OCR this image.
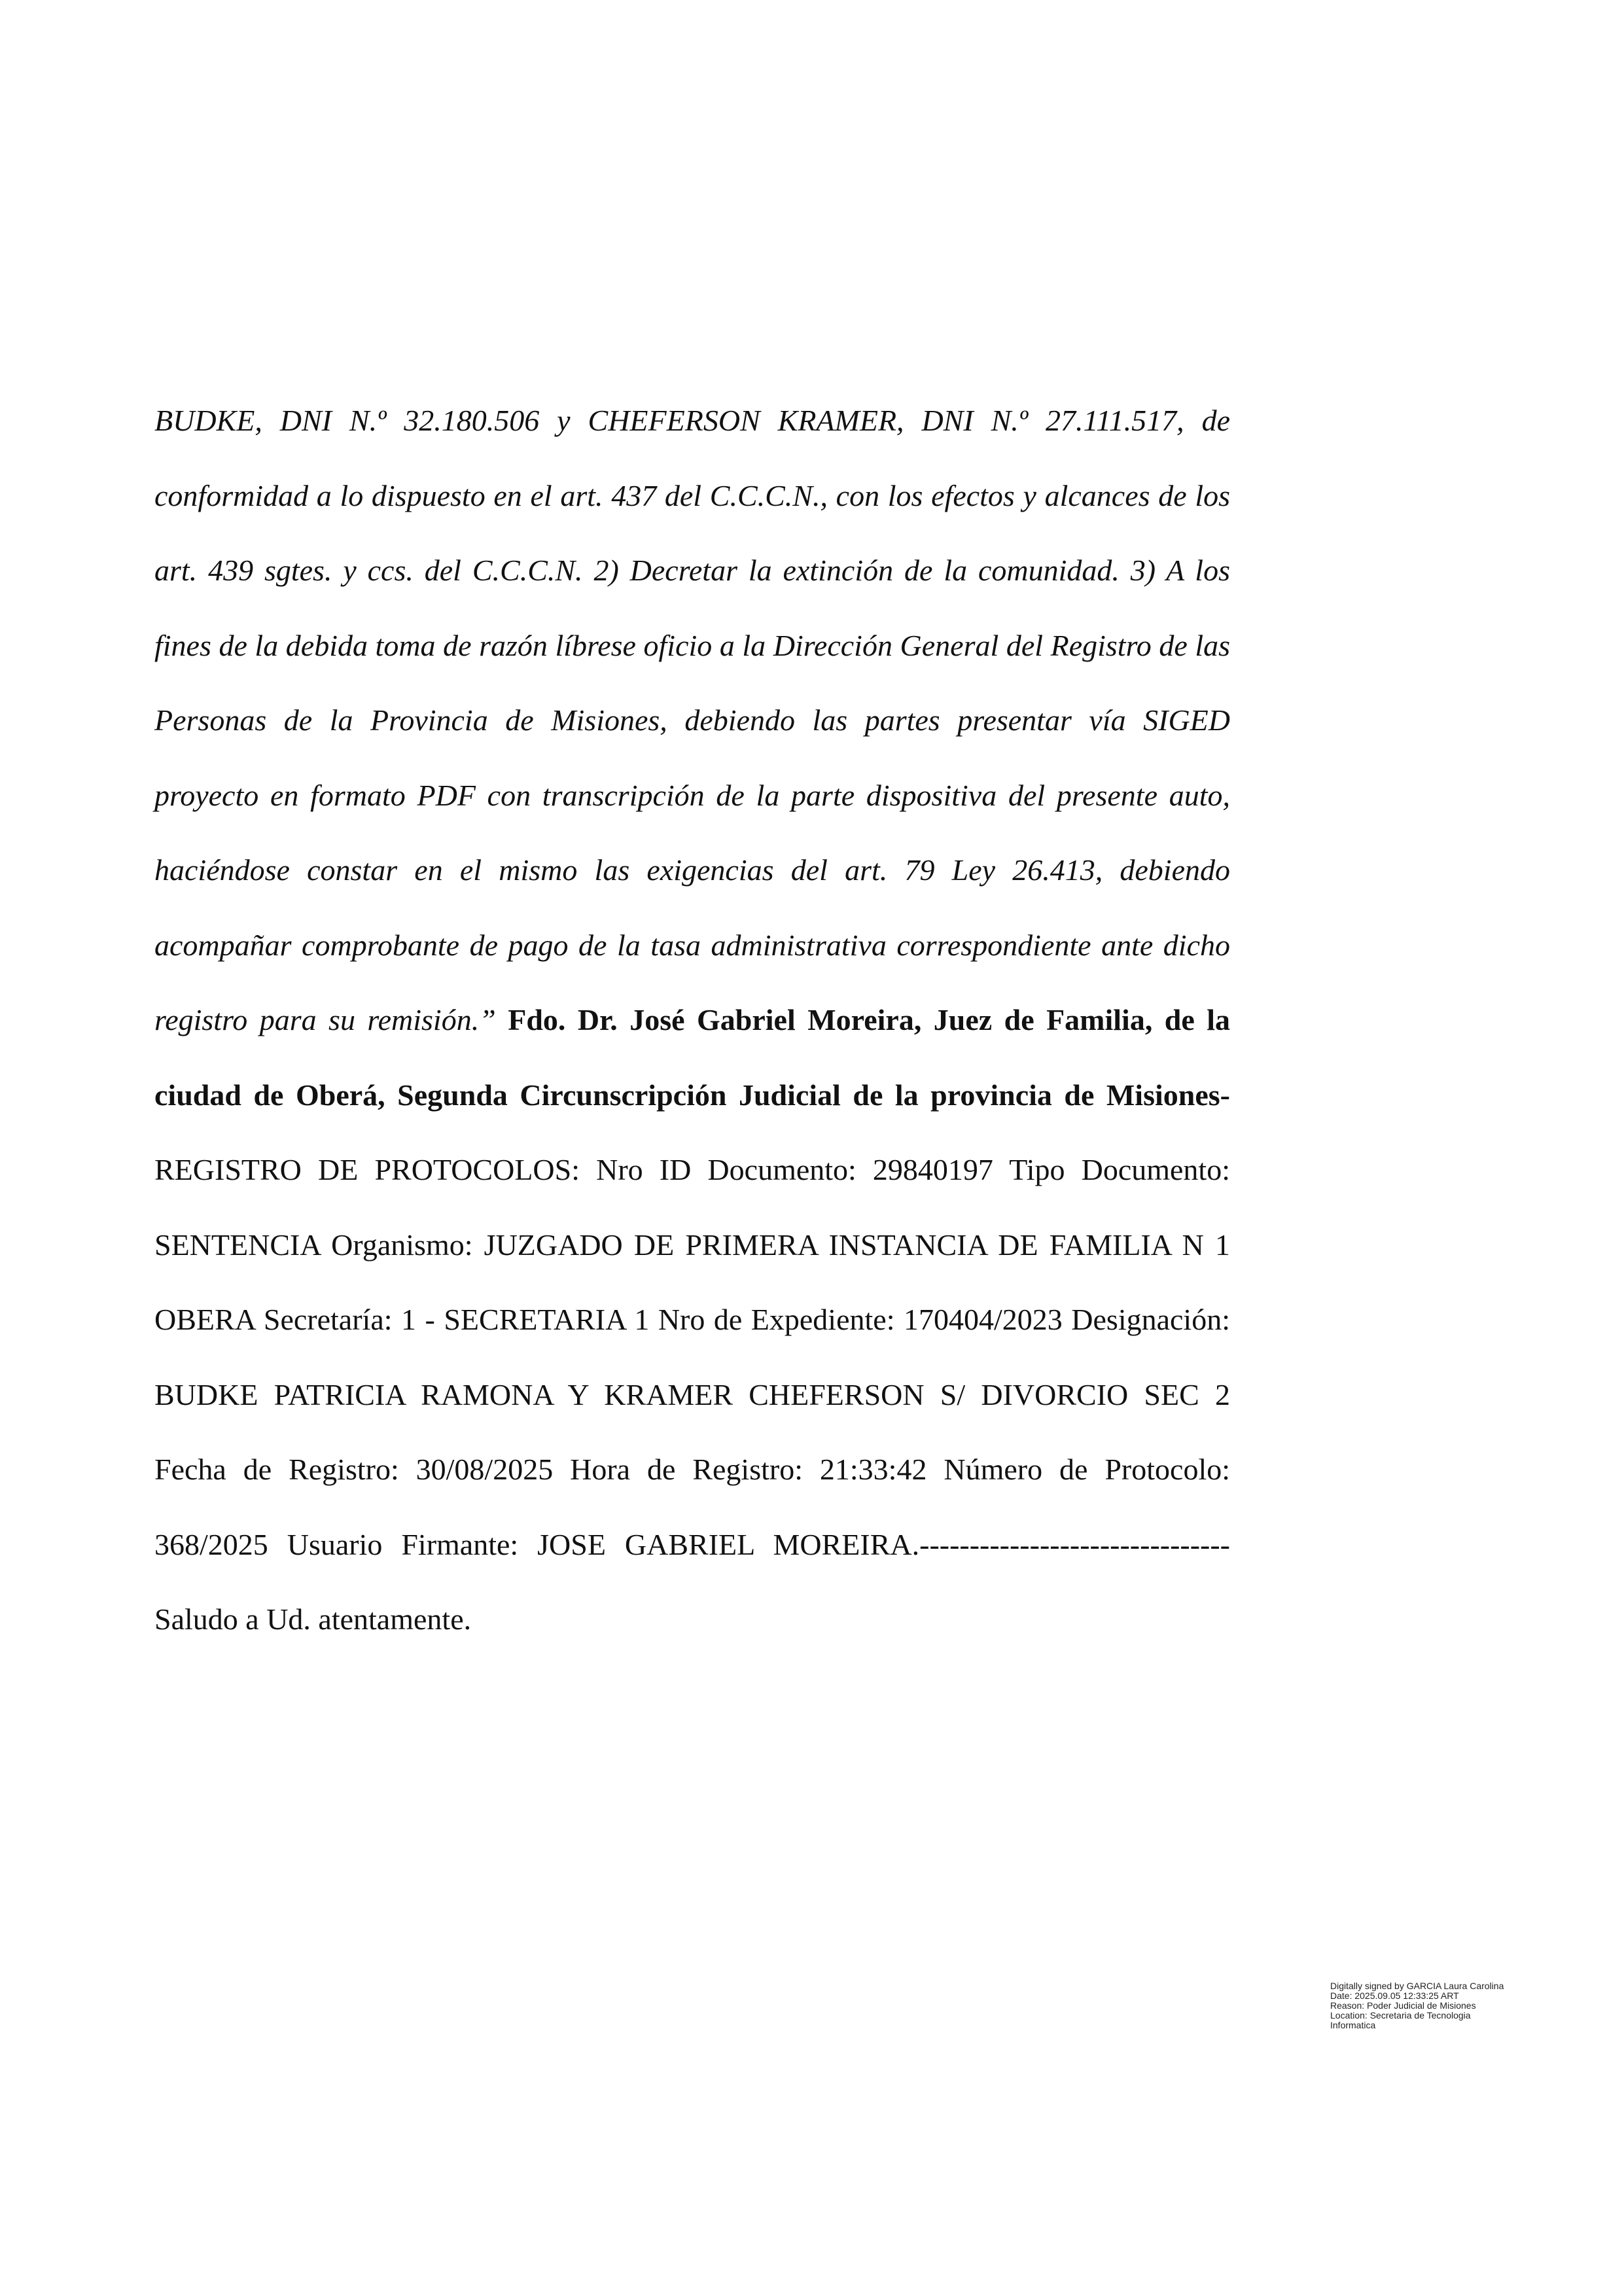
BUDKE, DNI N.º 32.180.506 y CHEFERSON KRAMER, DNI N.º 27.111.517, de conformidad a lo dispuesto en el art. 437 del C.C.C.N., con los efectos y alcances de los art. 439 sgtes. y ccs. del C.C.C.N. 2) Decretar la extinción de la comunidad. 3) A los fines de la debida toma de razón líbrese oficio a la Dirección General del Registro de las Personas de la Provincia de Misiones, debiendo las partes presentar vía SIGED proyecto en formato PDF con transcripción de la parte dispositiva del presente auto, haciéndose constar en el mismo las exigencias del art. 79 Ley 26.413, debiendo acompañar comprobante de pago de la tasa administrativa correspondiente ante dicho registro para su remisión.” Fdo. Dr. José Gabriel Moreira, Juez de Familia, de la ciudad de Oberá, Segunda Circunscripción Judicial de la provincia de Misiones- REGISTRO DE PROTOCOLOS: Nro ID Documento: 29840197 Tipo Documento: SENTENCIA Organismo: JUZGADO DE PRIMERA INSTANCIA DE FAMILIA N 1 OBERA Secretaría: 1 - SECRETARIA 1 Nro de Expediente: 170404/2023 Designación: BUDKE PATRICIA RAMONA Y KRAMER CHEFERSON S/ DIVORCIO SEC 2 Fecha de Registro: 30/08/2025 Hora de Registro: 21:33:42 Número de Protocolo: 368/2025 Usuario Firmante: JOSE GABRIEL MOREIRA.-------------------------------Saludo a Ud. atentamente.

Digitally signed by GARCIA Laura Carolina
Date: 2025.09.05 12:33:25 ART
Reason: Poder Judicial de Misiones
Location: Secretaria de Tecnologia
Informatica
